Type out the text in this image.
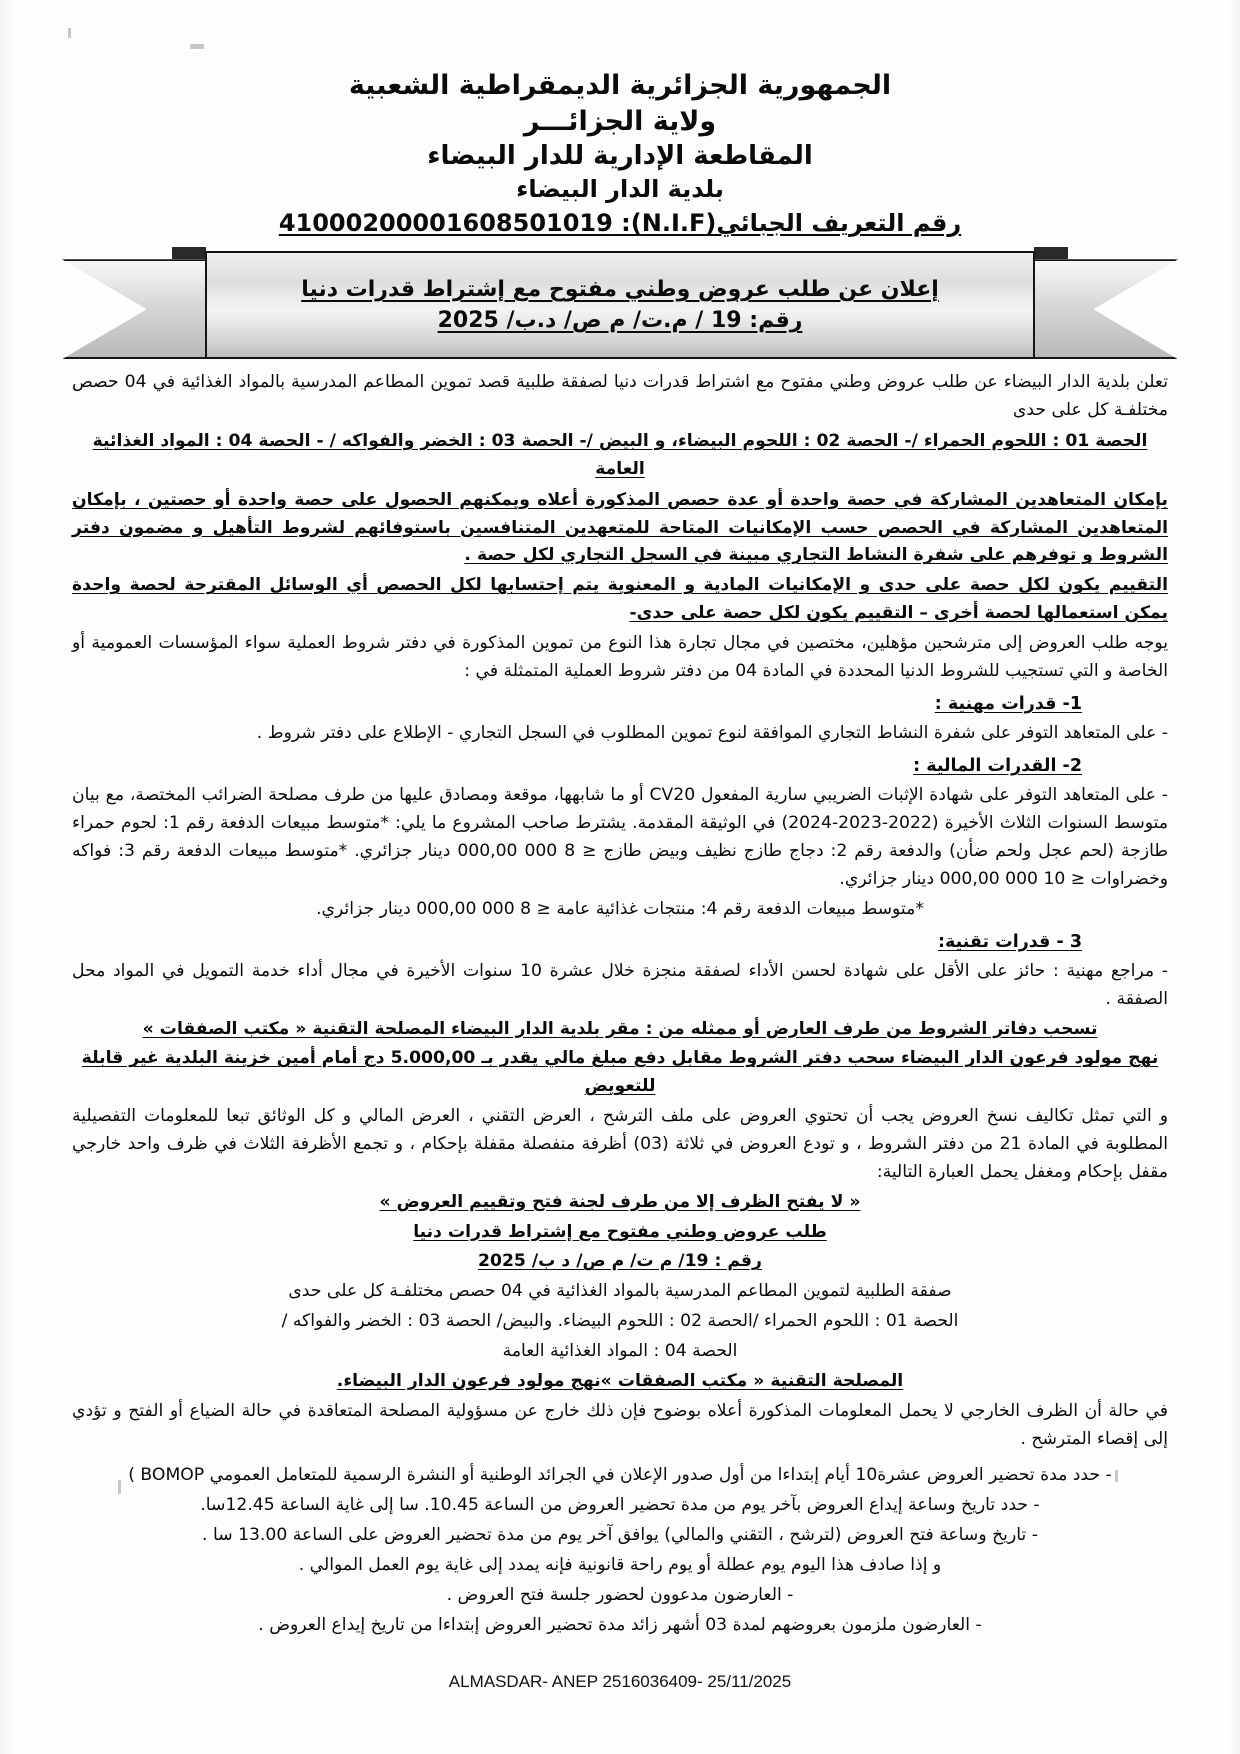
الجمهورية الجزائرية الديمقراطية الشعبية
ولاية الجزائـــر
المقاطعة الإدارية للدار البيضاء
بلدية الدار البيضاء
رقم التعريف الجبائي(N.I.F): 41000200001608501019
إعلان عن طلب عروض وطني مفتوح مع إشتراط قدرات دنيا
رقم: 19 / م.ت/ م ص/ د.ب/ 2025

تعلن بلدية الدار البيضاء عن طلب عروض وطني مفتوح مع اشتراط قدرات دنيا لصفقة طلبية قصد تموين المطاعم المدرسية بالمواد الغذائية في 04 حصص مختلفـة كل على حدى

الحصة 01 : اللحوم الحمراء /- الحصة 02 : اللحوم البيضاء، و البيض /- الحصة 03 : الخضر والفواكه / - الحصة 04 : المواد الغذائية العامة

بإمكان المتعاهدين المشاركة في حصة واحدة أو عدة حصص المذكورة أعلاه ويمكنهم الحصول على حصة واحدة أو حصتين ، بإمكان المتعاهدين المشاركة في الحصص حسب الإمكانيات المتاحة للمتعهدين المتنافسين باستوفائهم لشروط التأهيل و مضمون دفتر الشروط و توفرهم على شفرة النشاط التجاري مبينة في السجل التجاري لكل حصة .

التقييم يكون لكل حصة على حدى و الإمكانيات المادية و المعنوية يتم إحتسابها لكل الحصص أي الوسائل المقترحة لحصة واحدة يمكن استعمالها لحصة أخرى – التقييم يكون لكل حصة على حدى-

يوجه طلب العروض إلى مترشحين مؤهلين، مختصين في مجال تجارة هذا النوع من تموين المذكورة في دفتر شروط العملية سواء المؤسسات العمومية أو الخاصة و التي تستجيب للشروط الدنيا المحددة في المادة 04 من دفتر شروط العملية المتمثلة في :

1- قدرات مهنية :

- على المتعاهد التوفر على شفرة النشاط التجاري الموافقة لنوع تموين المطلوب في السجل التجاري - الإطلاع على دفتر شروط .

2- القدرات المالية :

- على المتعاهد التوفر على شهادة الإثبات الضريبي سارية المفعول CV20 أو ما شابهها، موقعة ومصادق عليها من طرف مصلحة الضرائب المختصة، مع بيان متوسط السنوات الثلاث الأخيرة (2022-2023-2024) في الوثيقة المقدمة. يشترط صاحب المشروع ما يلي: *متوسط مبيعات الدفعة رقم 1: لحوم حمراء طازجة (لحم عجل ولحم ضأن) والدفعة رقم 2: دجاج طازج نظيف وبيض طازج ≤ 8 000 000,00 دينار جزائري. *متوسط مبيعات الدفعة رقم 3: فواكه وخضراوات ≤ 10 000 000,00 دينار جزائري.

*متوسط مبيعات الدفعة رقم 4: منتجات غذائية عامة ≤ 8 000 000,00 دينار جزائري.

3 - قدرات تقنية:

- مراجع مهنية : حائز على الأقل على شهادة لحسن الأداء لصفقة منجزة خلال عشرة 10 سنوات الأخيرة في مجال أداء خدمة التمويل في المواد محل الصفقة .

تسحب دفاتر الشروط من طرف العارض أو ممثله من : مقر بلدية الدار البيضاء المصلحة التقنية « مكتب الصفقات »

نهج مولود فرعون الدار البيضاء سحب دفتر الشروط مقابل دفع مبلغ مالي يقدر بـ 5.000,00 دج أمام أمين خزينة البلدية غير قابلة للتعويض

و التي تمثل تكاليف نسخ العروض يجب أن تحتوي العروض على ملف الترشح ، العرض التقني ، العرض المالي و كل الوثائق تبعا للمعلومات التفصيلية المطلوبة في المادة 21 من دفتر الشروط ، و تودع العروض في ثلاثة (03) أظرفة منفصلة مقفلة بإحكام ، و تجمع الأظرفة الثلاث في ظرف واحد خارجي مقفل بإحكام ومغفل يحمل العبارة التالية:

« لا يفتح الظرف إلا من طرف لجنة فتح وتقييم العروض »

طلب عروض وطني مفتوح مع إشتراط قدرات دنيا

رقم : 19/ م ت/ م ص/ د ب/ 2025

صفقة الطلبية لتموين المطاعم المدرسية بالمواد الغذائية في 04 حصص مختلفـة كل على حدى

الحصة 01 : اللحوم الحمراء /الحصة 02 : اللحوم البيضاء. والبيض/ الحصة 03 : الخضر والفواكه /

الحصة 04 : المواد الغذائية العامة

المصلحة التقنية « مكتب الصفقات »نهج مولود فرعون الدار البيضاء.

في حالة أن الظرف الخارجي لا يحمل المعلومات المذكورة أعلاه بوضوح فإن ذلك خارج عن مسؤولية المصلحة المتعاقدة في حالة الضياع أو الفتح و تؤدي إلى إقصاء المترشح .

- حدد مدة تحضير العروض عشرة10 أيام إبتداءا من أول صدور الإعلان في الجرائد الوطنية أو النشرة الرسمية للمتعامل العمومي BOMOP )

- حدد تاريخ وساعة إيداع العروض بآخر يوم من مدة تحضير العروض من الساعة 10.45. سا إلى غاية الساعة 12.45سا.

- تاريخ وساعة فتح العروض (لترشح ، التقني والمالي) يوافق آخر يوم من مدة تحضير العروض على الساعة 13.00 سا .

و إذا صادف هذا اليوم يوم عطلة أو يوم راحة قانونية فإنه يمدد إلى غاية يوم العمل الموالي .

- العارضون مدعوون لحضور جلسة فتح العروض .

- العارضون ملزمون بعروضهم لمدة 03 أشهر زائد مدة تحضير العروض إبتداءا من تاريخ إيداع العروض .

ALMASDAR- ANEP 2516036409- 25/11/2025
